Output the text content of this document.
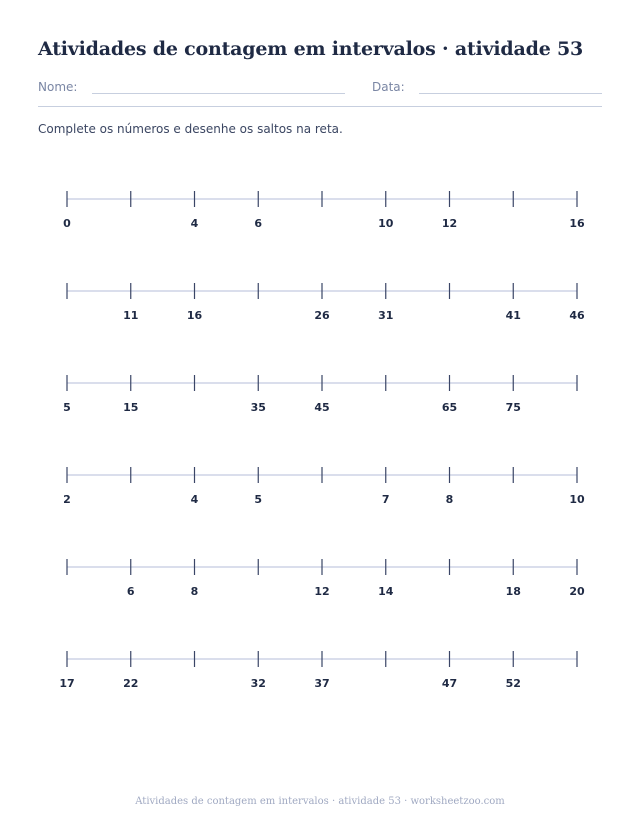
Atividades de contagem em intervalos · atividade 53
Nome:	Data:

Complete os números e desenhe os saltos na reta.

0	4	6	10	12	16
11	16	26	31	41	46
5	15	35	45	65	75
2	4	5	7	8	10
6	8	12	14	18	20
17	22	32	37	47	52
Atividades de contagem em intervalos · atividade 53 · worksheetzoo.com
